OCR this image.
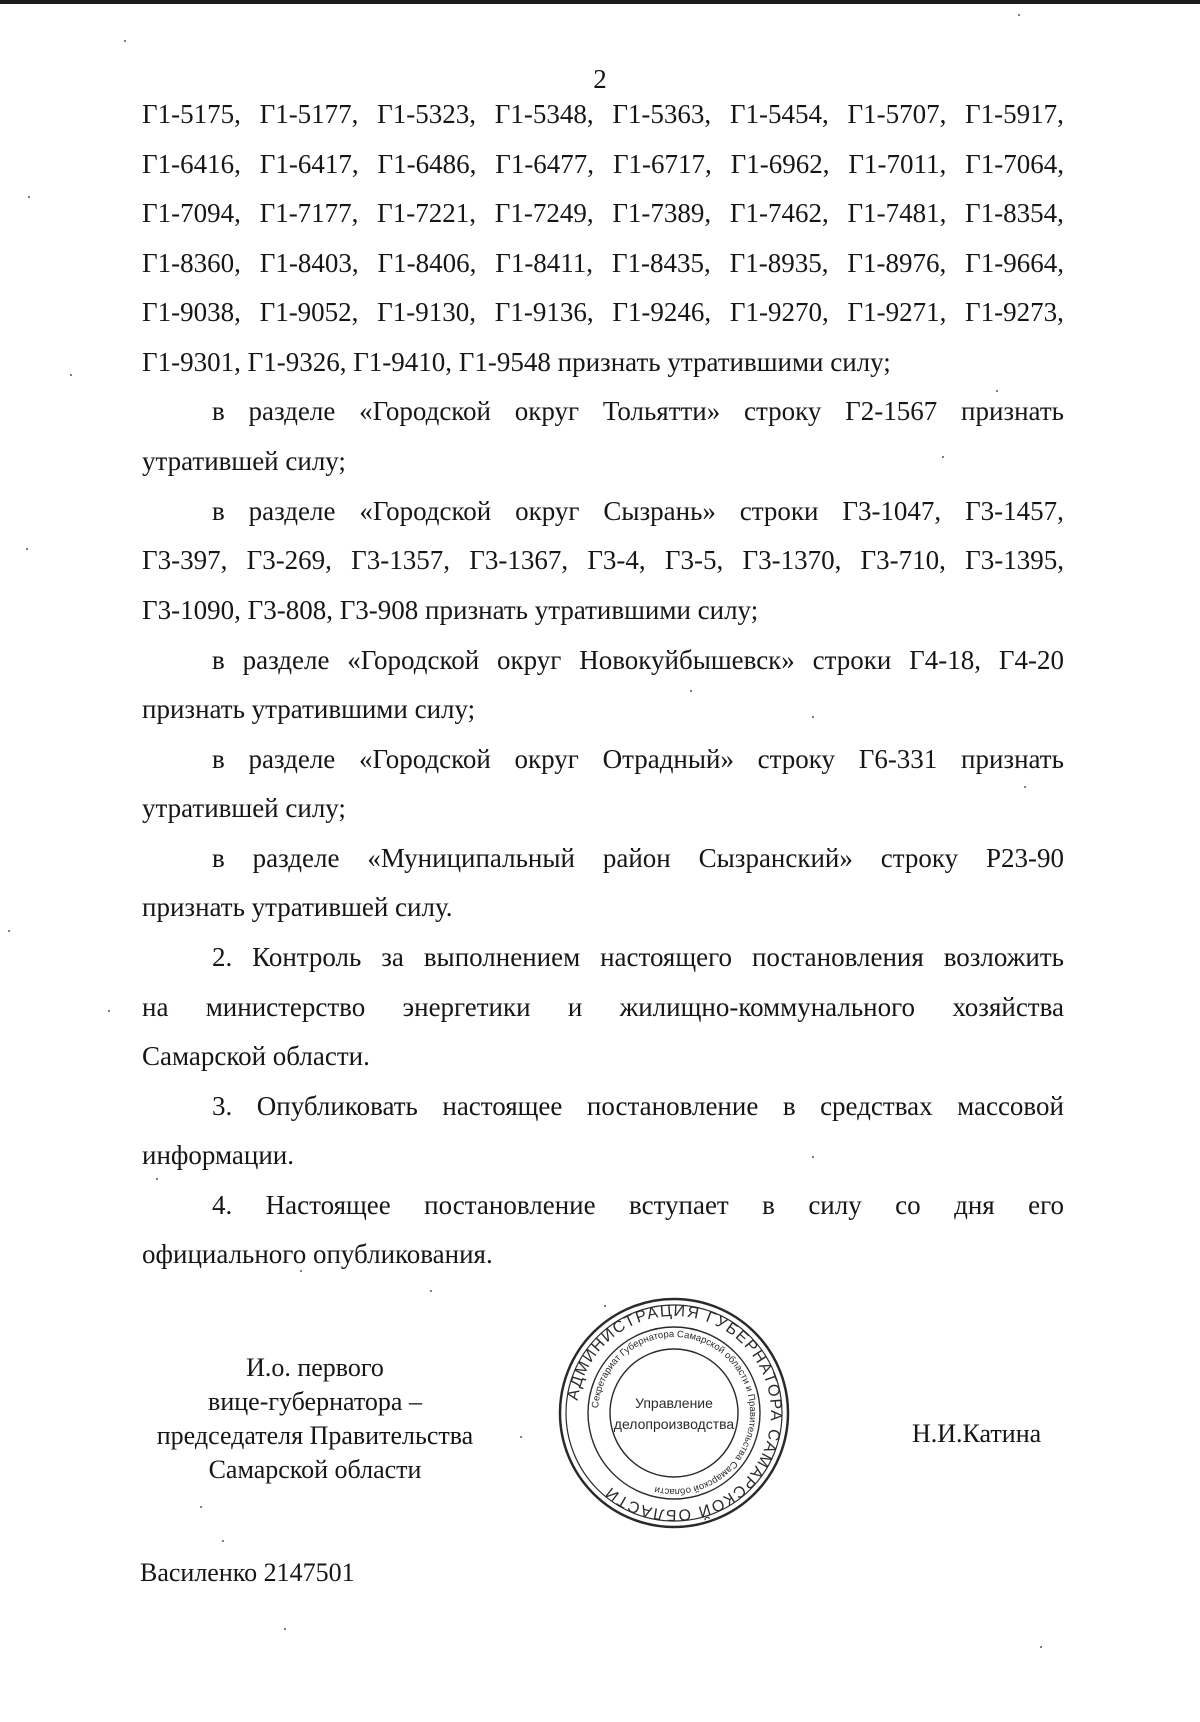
2
Г1-5175, Г1-5177, Г1-5323, Г1-5348, Г1-5363, Г1-5454, Г1-5707, Г1-5917,
Г1-6416, Г1-6417, Г1-6486, Г1-6477, Г1-6717, Г1-6962, Г1-7011, Г1-7064,
Г1-7094, Г1-7177, Г1-7221, Г1-7249, Г1-7389, Г1-7462, Г1-7481, Г1-8354,
Г1-8360, Г1-8403, Г1-8406, Г1-8411, Г1-8435, Г1-8935, Г1-8976, Г1-9664,
Г1-9038, Г1-9052, Г1-9130, Г1-9136, Г1-9246, Г1-9270, Г1-9271, Г1-9273,
Г1-9301, Г1-9326, Г1-9410, Г1-9548 признать утратившими силу;
в разделе «Городской округ Тольятти» строку Г2-1567 признать
утратившей силу;
в разделе «Городской округ Сызрань» строки Г3-1047, Г3-1457,
Г3-397, Г3-269, Г3-1357, Г3-1367, Г3-4, Г3-5, Г3-1370, Г3-710, Г3-1395,
Г3-1090, Г3-808, Г3-908 признать утратившими силу;
в разделе «Городской округ Новокуйбышевск» строки Г4-18, Г4-20
признать утратившими силу;
в разделе «Городской округ Отрадный» строку Г6-331 признать
утратившей силу;
в разделе «Муниципальный район Сызранский» строку Р23-90
признать утратившей силу.
2. Контроль за выполнением настоящего постановления возложить
на министерство энергетики и жилищно-коммунального хозяйства
Самарской области.
3. Опубликовать настоящее постановление в средствах массовой
информации.
4. Настоящее постановление вступает в силу со дня его
официального опубликования.
И.о. первого
вице-губернатора –
председателя Правительства
Самарской области
АДМИНИСТРАЦИЯ ГУБЕРНАТОРА САМАРСКОЙ ОБЛАСТИ
Секретариат Губернатора Самарской области и Правительства Самарской области
Управление
делопроизводства	Н.И.Катина
Василенко 2147501
